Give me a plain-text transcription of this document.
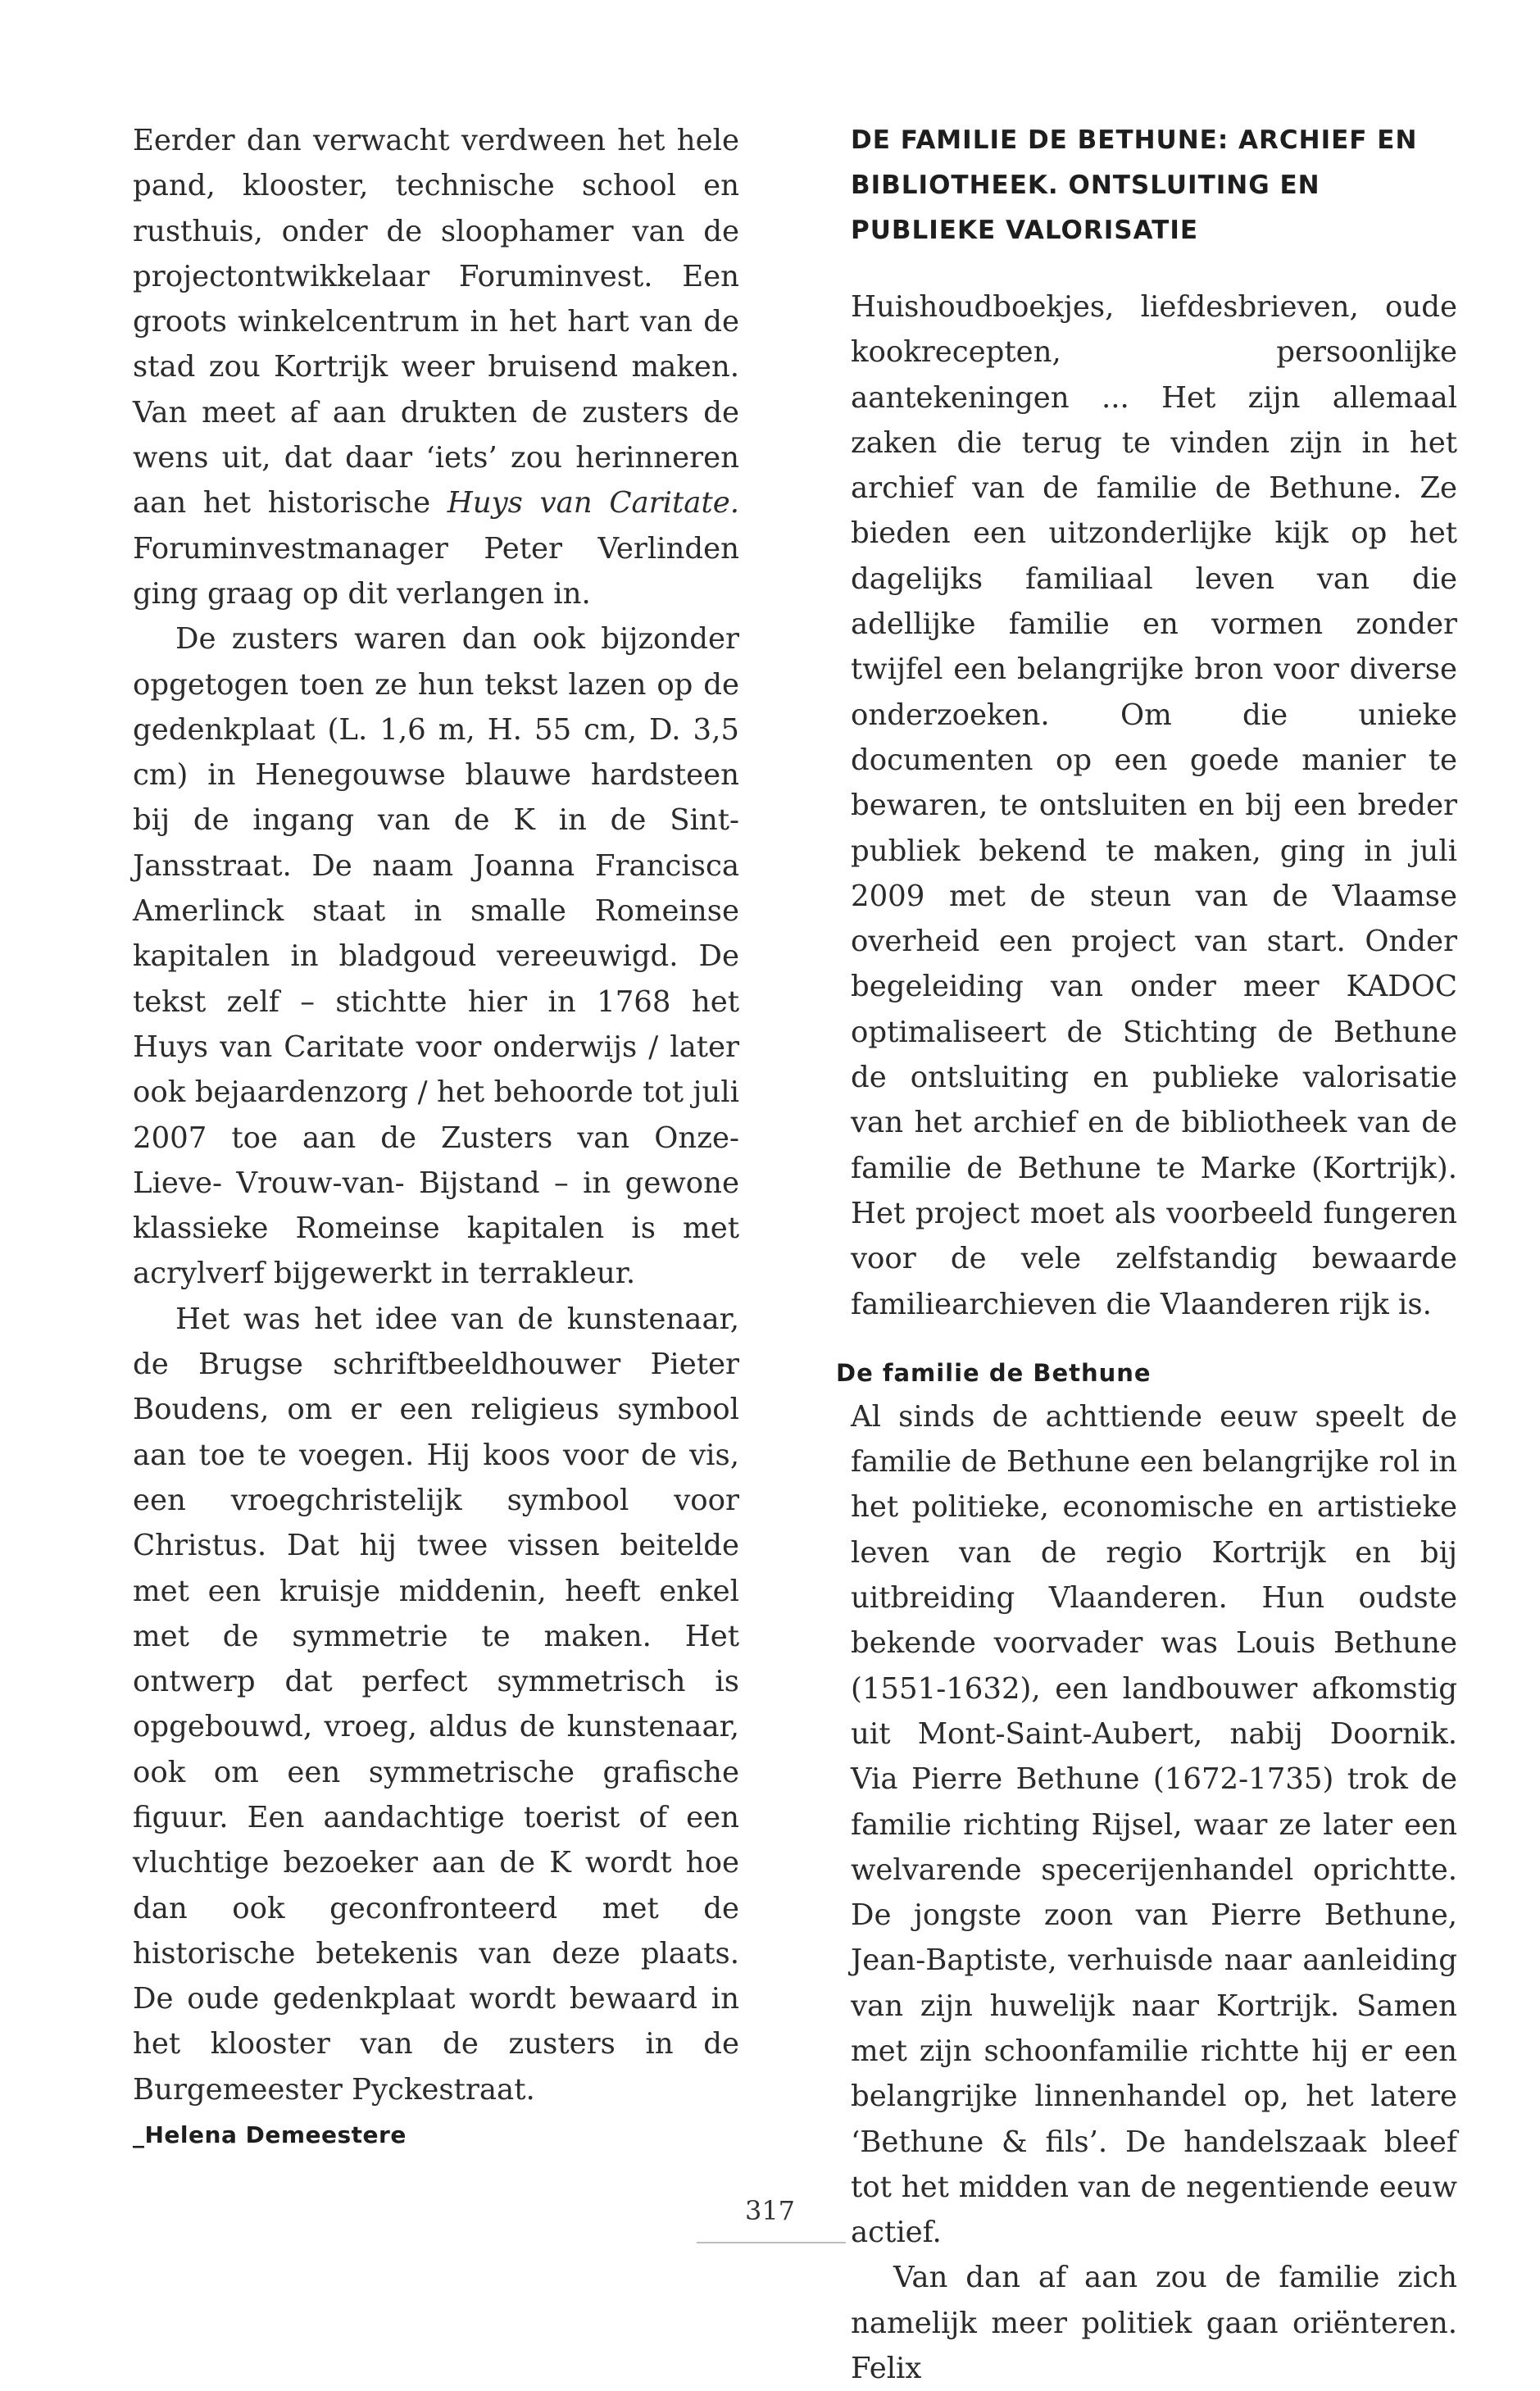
Eerder dan verwacht verdween het hele pand, klooster, technische school en rusthuis, onder de sloophamer van de projectontwikkelaar Foruminvest. Een groots winkelcentrum in het hart van de stad zou Kortrijk weer bruisend maken. Van meet af aan drukten de zusters de wens uit, dat daar ‘iets’ zou herinneren aan het historische Huys van Caritate. Foruminvestmanager Peter Verlinden ging graag op dit verlangen in.

De zusters waren dan ook bijzonder opgetogen toen ze hun tekst lazen op de gedenkplaat (L. 1,6 m, H. 55 cm, D. 3,5 cm) in Henegouwse blauwe hardsteen bij de ingang van de K in de Sint-Jansstraat. De naam Joanna Francisca Amerlinck staat in smalle Romeinse kapitalen in bladgoud vereeuwigd. De tekst zelf – stichtte hier in 1768 het Huys van Caritate voor onderwijs / later ook bejaardenzorg / het behoorde tot juli 2007 toe aan de Zusters van Onze- Lieve- Vrouw-van- Bijstand – in gewone klassieke Romeinse kapitalen is met acrylverf bijgewerkt in terrakleur.

Het was het idee van de kunstenaar, de Brugse schriftbeeldhouwer Pieter Boudens, om er een religieus symbool aan toe te voegen. Hij koos voor de vis, een vroegchristelijk symbool voor Christus. Dat hij twee vissen beitelde met een kruisje middenin, heeft enkel met de symmetrie te maken. Het ontwerp dat perfect symmetrisch is opgebouwd, vroeg, aldus de kunstenaar, ook om een symmetrische grafische figuur. Een aandachtige toerist of een vluchtige bezoeker aan de K wordt hoe dan ook geconfronteerd met de historische betekenis van deze plaats. De oude gedenkplaat wordt bewaard in het klooster van de zusters in de Burgemeester Pyckestraat.

_Helena Demeestere
DE FAMILIE DE BETHUNE: ARCHIEF EN BIBLIOTHEEK. ONTSLUITING EN PUBLIEKE VALORISATIE

Huishoudboekjes, liefdesbrieven, oude kookrecepten, persoonlijke aantekeningen ... Het zijn allemaal zaken die terug te vinden zijn in het archief van de familie de Bethune. Ze bieden een uitzonderlijke kijk op het dagelijks familiaal leven van die adellijke familie en vormen zonder twijfel een belangrijke bron voor diverse onderzoeken. Om die unieke documenten op een goede manier te bewaren, te ontsluiten en bij een breder publiek bekend te maken, ging in juli 2009 met de steun van de Vlaamse overheid een project van start. Onder begeleiding van onder meer KADOC optimaliseert de Stichting de Bethune de ontsluiting en publieke valorisatie van het archief en de bibliotheek van de familie de Bethune te Marke (Kortrijk). Het project moet als voorbeeld fungeren voor de vele zelfstandig bewaarde familiearchieven die Vlaanderen rijk is.

De familie de Bethune

Al sinds de achttiende eeuw speelt de familie de Bethune een belangrijke rol in het politieke, economische en artistieke leven van de regio Kortrijk en bij uitbreiding Vlaanderen. Hun oudste bekende voorvader was Louis Bethune (1551-1632), een landbouwer afkomstig uit Mont-Saint-Aubert, nabij Doornik. Via Pierre Bethune (1672-1735) trok de familie richting Rijsel, waar ze later een welvarende specerijenhandel oprichtte. De jongste zoon van Pierre Bethune, Jean-Baptiste, verhuisde naar aanleiding van zijn huwelijk naar Kortrijk. Samen met zijn schoonfamilie richtte hij er een belangrijke linnenhandel op, het latere ‘Bethune & fils’. De handelszaak bleef tot het midden van de negentiende eeuw actief.

Van dan af aan zou de familie zich namelijk meer politiek gaan oriënteren. Felix

317
